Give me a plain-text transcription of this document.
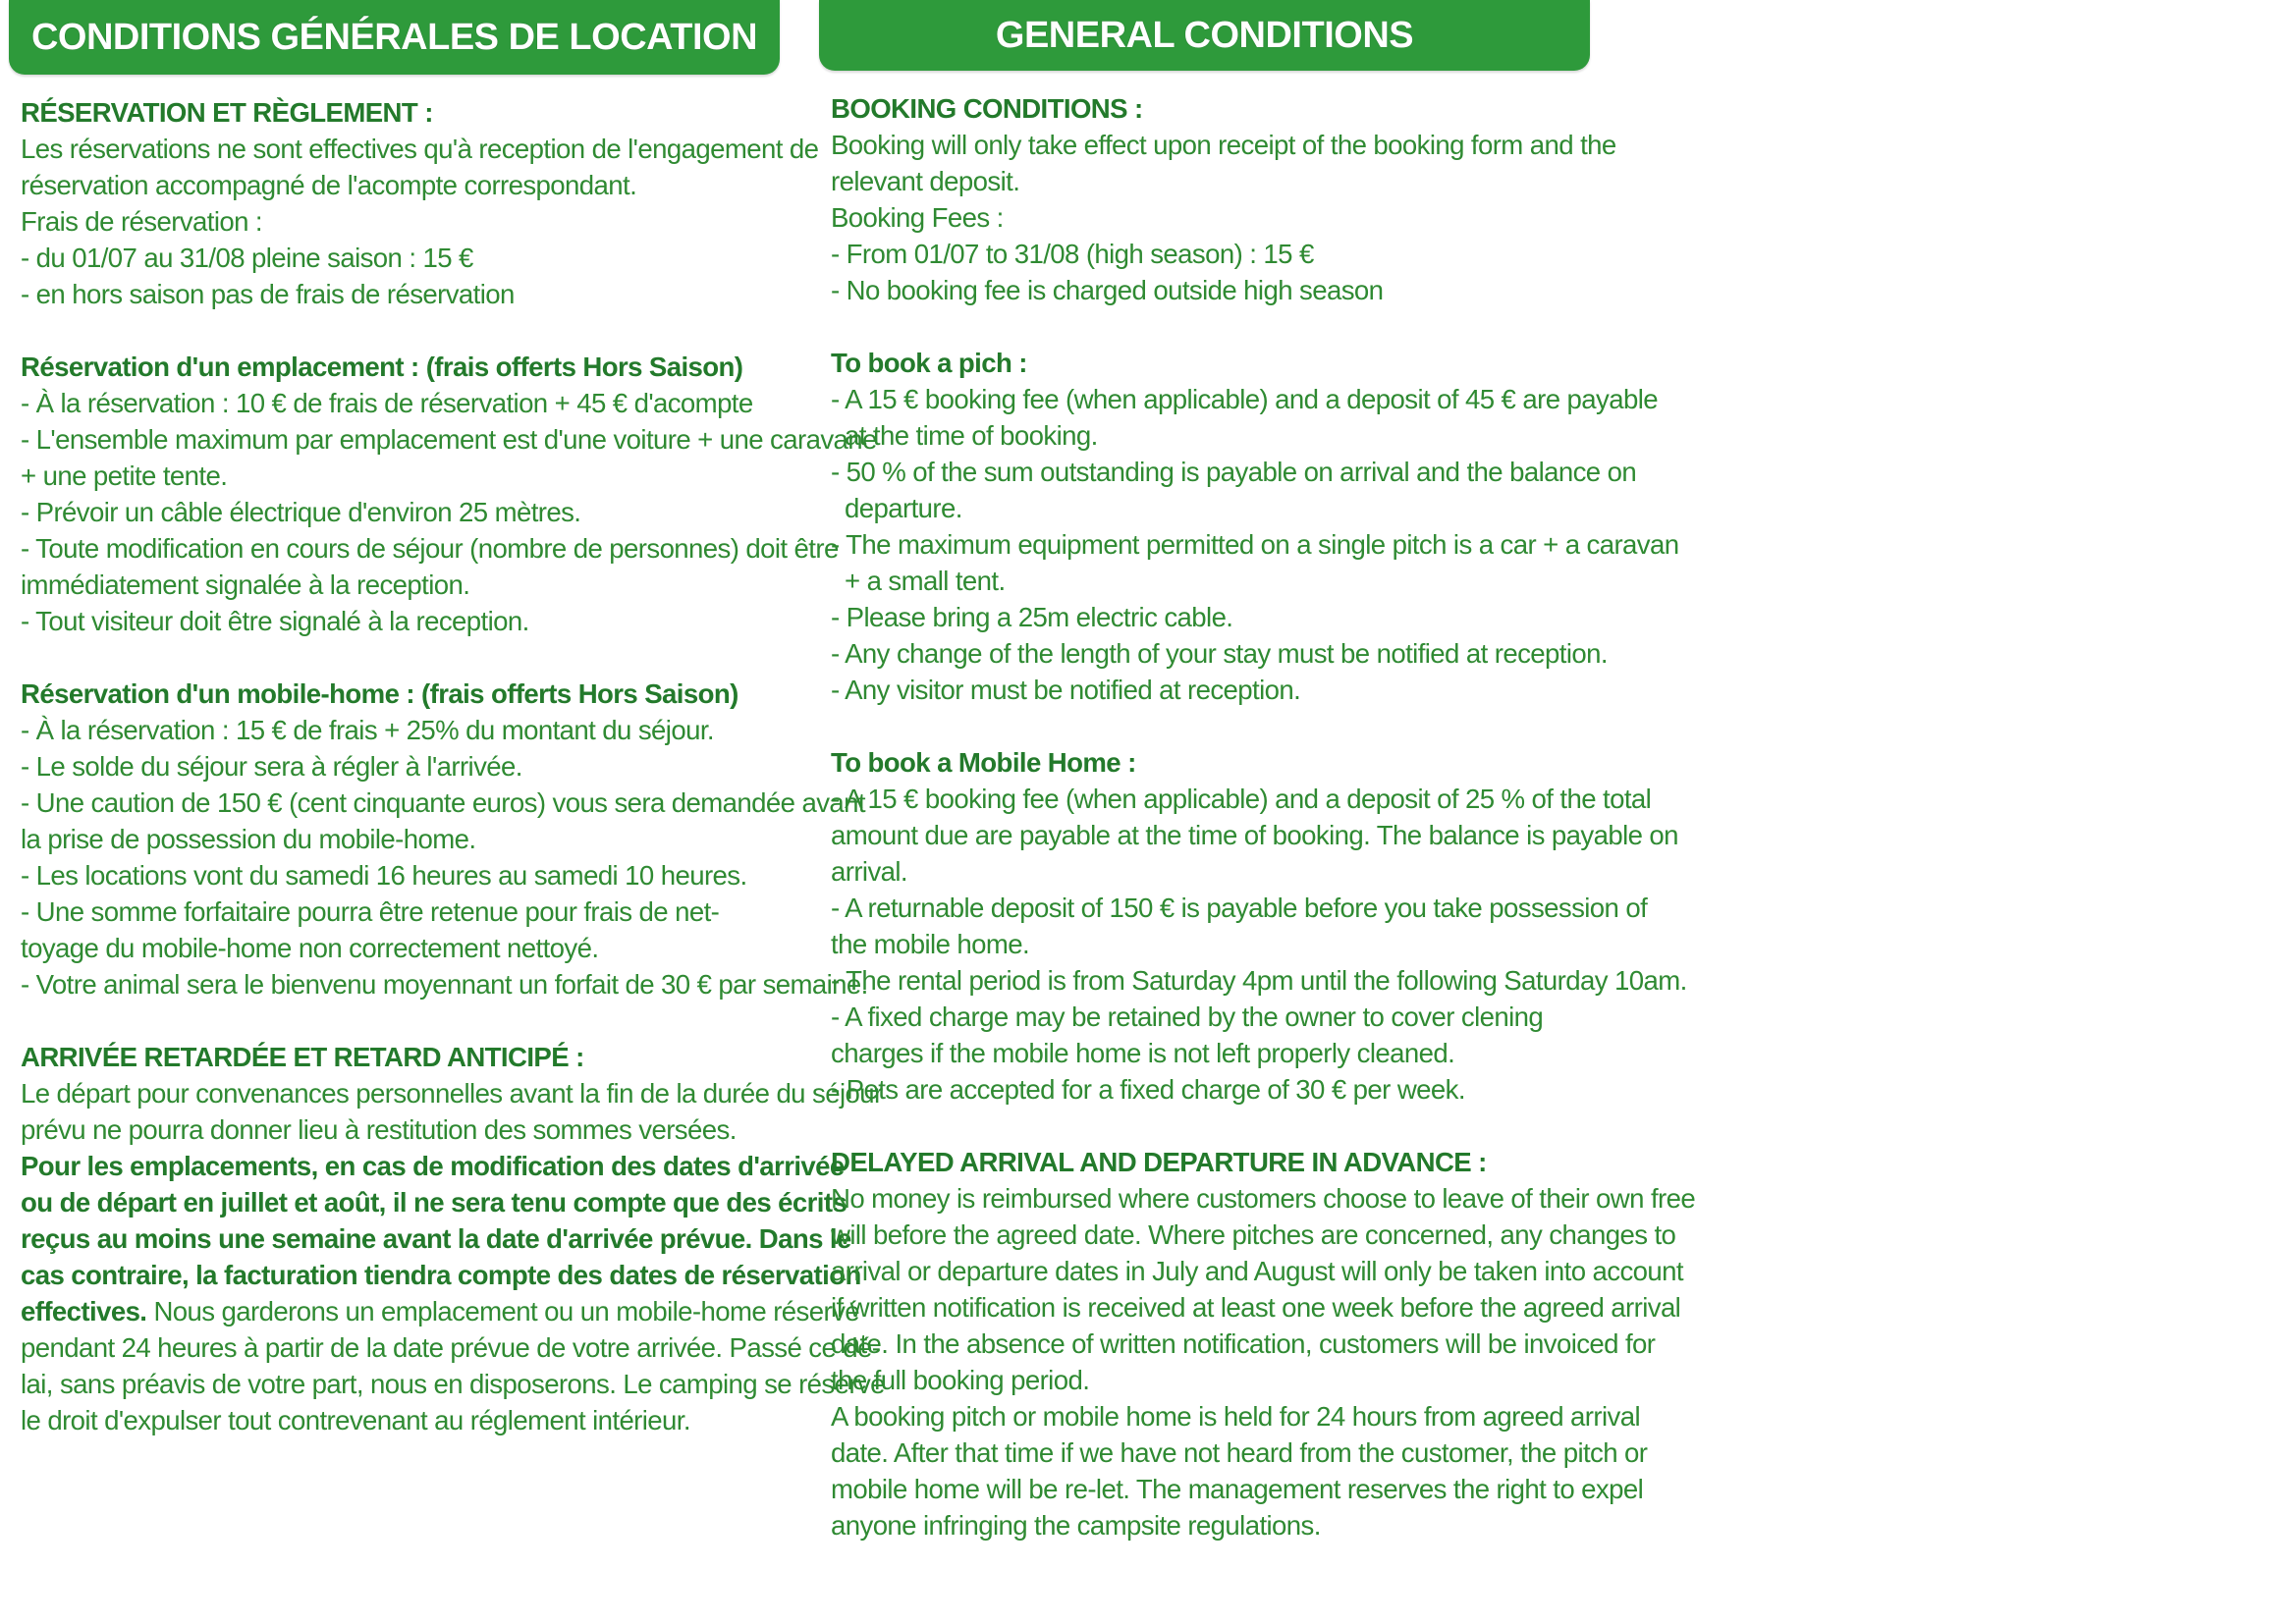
CONDITIONS GÉNÉRALES DE LOCATION
RÉSERVATION ET RÈGLEMENT :
Les réservations ne sont effectives qu'à reception de l'engagement de
réservation accompagné de l'acompte correspondant.
Frais de réservation :
- du 01/07 au 31/08 pleine saison : 15 €
- en hors saison pas de frais de réservation
Réservation d'un emplacement : (frais offerts Hors Saison)
- À la réservation : 10 € de frais de réservation + 45 € d'acompte
- L'ensemble maximum par emplacement est d'une voiture + une caravane
+ une petite tente.
- Prévoir un câble électrique d'environ 25 mètres.
- Toute modification en cours de séjour (nombre de personnes) doit être
immédiatement signalée à la reception.
- Tout visiteur doit être signalé à la reception.
Réservation d'un mobile-home : (frais offerts Hors Saison)
- À la réservation : 15 € de frais + 25% du montant du séjour.
- Le solde du séjour sera à régler à l'arrivée.
- Une caution de 150 € (cent cinquante euros) vous sera demandée avant
la prise de possession du mobile-home.
- Les locations vont du samedi 16 heures au samedi 10 heures.
- Une somme forfaitaire pourra être retenue pour frais de net-
toyage du mobile-home non correctement nettoyé.
- Votre animal sera le bienvenu moyennant un forfait de 30 € par semaine.
ARRIVÉE RETARDÉE ET RETARD ANTICIPÉ :
Le départ pour convenances personnelles avant la fin de la durée du séjour
prévu ne pourra donner lieu à restitution des sommes versées.
Pour les emplacements, en cas de modification des dates d'arrivée
ou de départ en juillet et août, il ne sera tenu compte que des écrits
reçus au moins une semaine avant la date d'arrivée prévue. Dans le
cas contraire, la facturation tiendra compte des dates de réservation
effectives. Nous garderons un emplacement ou un mobile-home réservé
pendant 24 heures à partir de la date prévue de votre arrivée. Passé ce dé-
lai, sans préavis de votre part, nous en disposerons. Le camping se réserve
le droit d'expulser tout contrevenant au réglement intérieur.
GENERAL CONDITIONS
BOOKING CONDITIONS :
Booking will only take effect upon receipt of the booking form and the
relevant deposit.
Booking Fees :
- From 01/07 to 31/08 (high season) : 15 €
- No booking fee is charged outside high season
To book a pich :
- A 15 € booking fee (when applicable) and a deposit of 45 € are payable
at the time of booking.
- 50 % of the sum outstanding is payable on arrival and the balance on
departure.
- The maximum equipment permitted on a single pitch is a car + a caravan
+ a small tent.
- Please bring a 25m electric cable.
- Any change of the length of your stay must be notified at reception.
- Any visitor must be notified at reception.
To book a Mobile Home :
- A 15 € booking fee (when applicable) and a deposit of 25 % of the total
amount due are payable at the time of booking. The balance is payable on
arrival.
- A returnable deposit of 150 € is payable before you take possession of
the mobile home.
- The rental period is from Saturday 4pm until the following Saturday 10am.
- A fixed charge may be retained by the owner to cover clening
charges if the mobile home is not left properly cleaned.
- Pets are accepted for a fixed charge of 30 € per week.
DELAYED ARRIVAL AND DEPARTURE IN ADVANCE :
No money is reimbursed where customers choose to leave of their own free
will before the agreed date. Where pitches are concerned, any changes to
arrival or departure dates in July and August will only be taken into account
if written notification is received at least one week before the agreed arrival
date. In the absence of written notification, customers will be invoiced for
the full booking period.
A booking pitch or mobile home is held for 24 hours from agreed arrival
date. After that time if we have not heard from the customer, the pitch or
mobile home will be re-let. The management reserves the right to expel
anyone infringing the campsite regulations.
